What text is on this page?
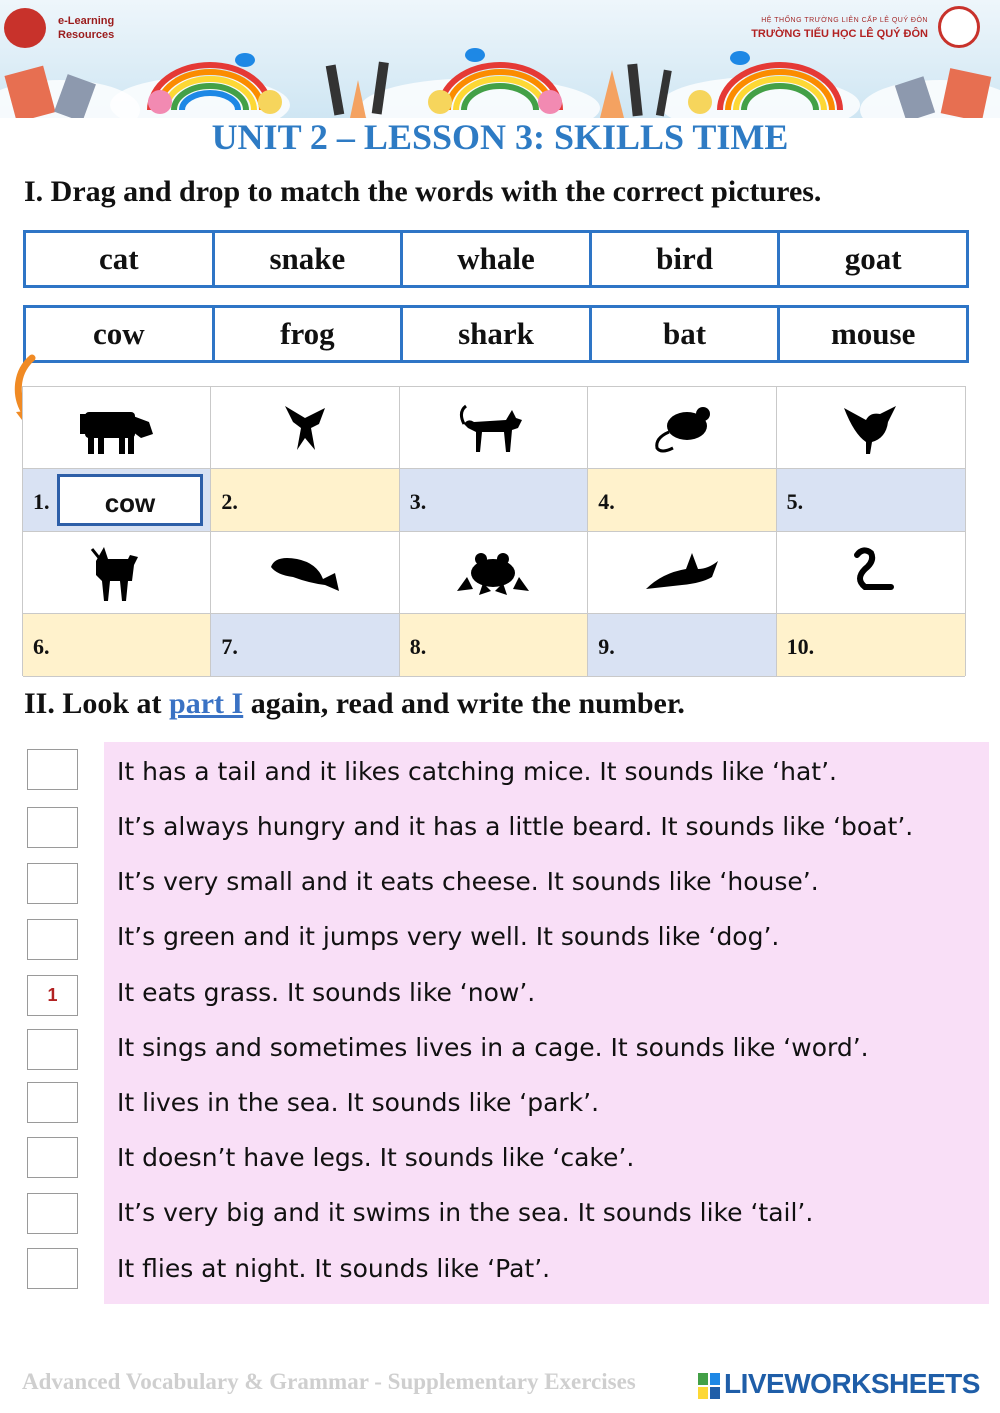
e-Learning
Resources
HỆ THỐNG TRƯỜNG LIÊN CẤP LÊ QUÝ ĐÔN
TRƯỜNG TIỂU HỌC LÊ QUÝ ĐÔN
UNIT 2 – LESSON 3: SKILLS TIME
I. Drag and drop to match the words with the correct pictures.
cat	snake	whale	bird	goat
cow	frog	shark	bat	mouse
1.	cow	2.	3.	4.	5.
6.	7.	8.	9.	10.
II. Look at part I again, read and write the number.
It has a tail and it likes catching mice. It sounds like ‘hat’.
It’s always hungry and it has a little beard. It sounds like ‘boat’.
It’s very small and it eats cheese. It sounds like ‘house’.
It’s green and it jumps very well. It sounds like ‘dog’.
1	It eats grass. It sounds like ‘now’.
It sings and sometimes lives in a cage. It sounds like ‘word’.
It lives in the sea. It sounds like ‘park’.
It doesn’t have legs. It sounds like ‘cake’.
It’s very big and it swims in the sea. It sounds like ‘tail’.
It flies at night. It sounds like ‘Pat’.
Advanced Vocabulary & Grammar - Supplementary Exercises	LIVEWORKSHEETS
